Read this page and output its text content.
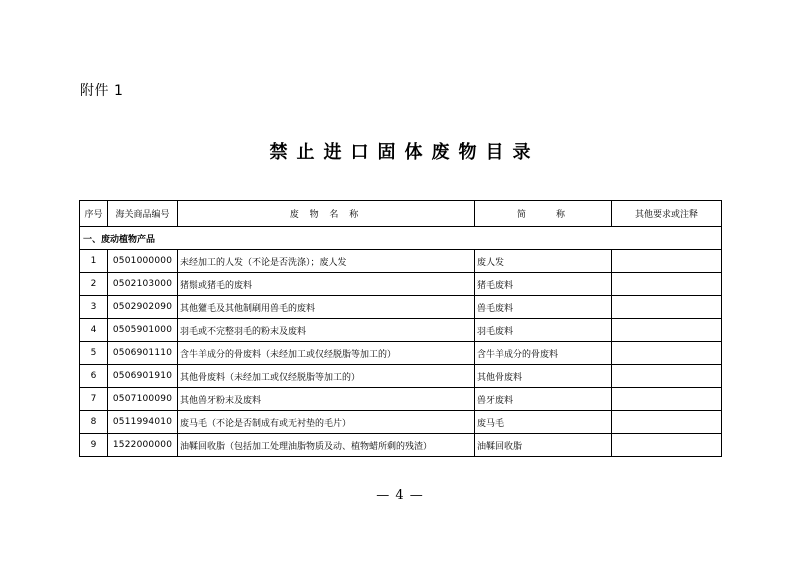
附件 1
禁止进口固体废物目录
序号	海关商品编号	废 物 名 称	简　　称	其他要求或注释
一、废动植物产品				
1	0501000000	未经加工的人发（不论是否洗涤）；废人发	废人发	
2	0502103000	猪鬃或猪毛的废料	猪毛废料	
3	0502902090	其他獾毛及其他制刷用兽毛的废料	兽毛废料	
4	0505901000	羽毛或不完整羽毛的粉末及废料	羽毛废料	
5	0506901110	含牛羊成分的骨废料（未经加工或仅经脱脂等加工的）	含牛羊成分的骨废料	
6	0506901910	其他骨废料（未经加工或仅经脱脂等加工的）	其他骨废料	
7	0507100090	其他兽牙粉末及废料	兽牙废料	
8	0511994010	废马毛（不论是否制成有或无衬垫的毛片）	废马毛	
9	1522000000	油鞣回收脂（包括加工处理油脂物质及动、植物蜡所剩的残渣）	油鞣回收脂	
— 4 —
